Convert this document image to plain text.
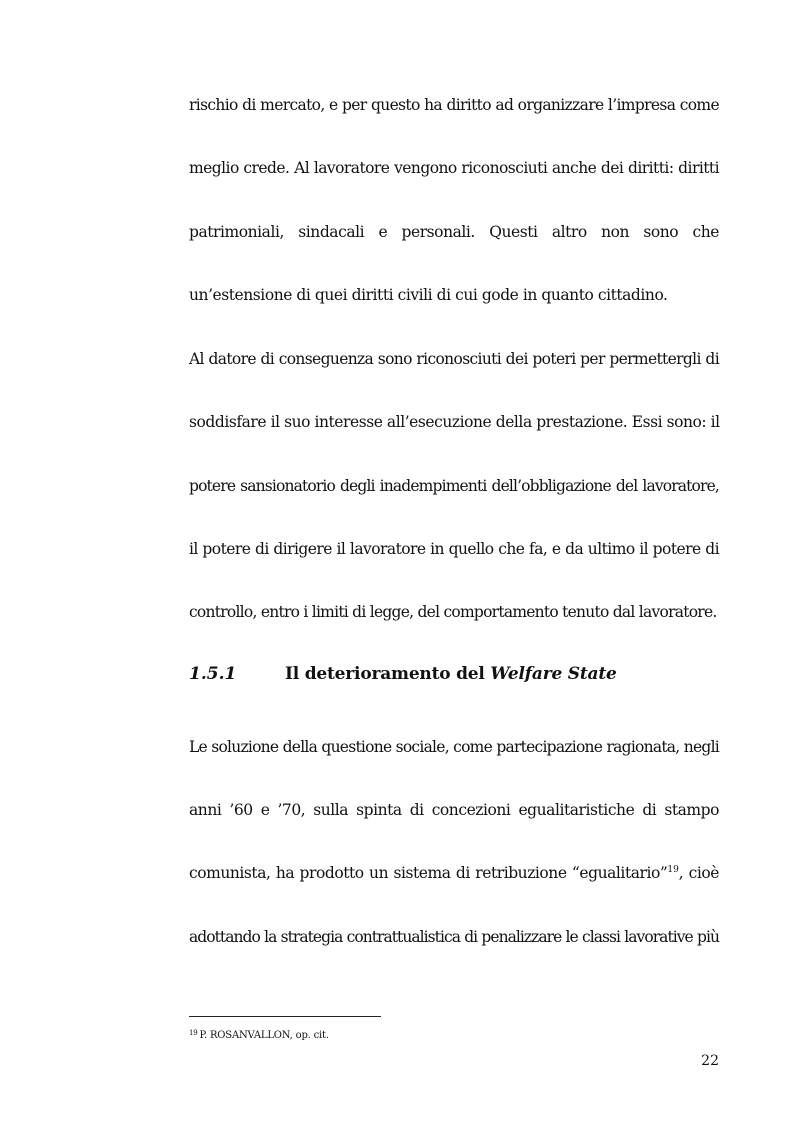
rischio di mercato, e per questo ha diritto ad organizzare l’impresa come
meglio crede. Al lavoratore vengono riconosciuti anche dei diritti: diritti
patrimoniali, sindacali e personali. Questi altro non sono che
un’estensione di quei diritti civili di cui gode in quanto cittadino.
Al datore di conseguenza sono riconosciuti dei poteri per permettergli di
soddisfare il suo interesse all’esecuzione della prestazione. Essi sono: il
potere sansionatorio degli inadempimenti dell’obbligazione del lavoratore,
il potere di dirigere il lavoratore in quello che fa, e da ultimo il potere di
controllo, entro i limiti di legge, del comportamento tenuto dal lavoratore.
1.5.1	Il deterioramento del Welfare State
Le soluzione della questione sociale, come partecipazione ragionata, negli
anni ’60 e ’70, sulla spinta di concezioni egualitaristiche di stampo
comunista, ha prodotto un sistema di retribuzione “egualitario”$^{19}$, cioè
adottando la strategia contrattualistica di penalizzare le classi lavorative più
$^{19}$ P. ROSANVALLON, op. cit.
22
